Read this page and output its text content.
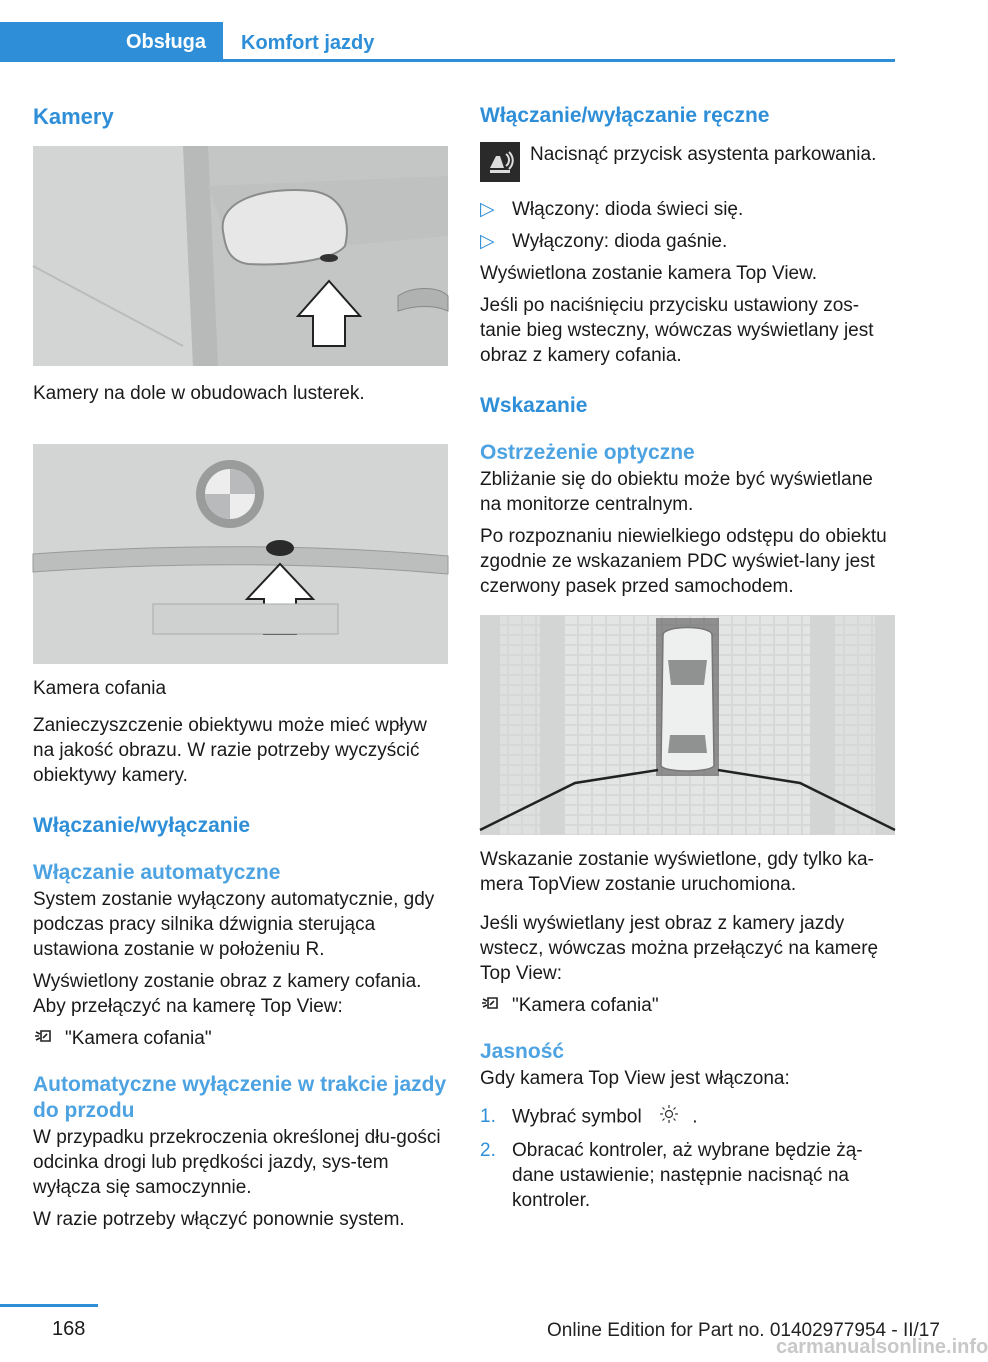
Obsługa	Komfort jazdy
Kamery

Kamery na dole w obudowach lusterek.

Kamera cofania

Zanieczyszczenie obiektywu może mieć wpływ na jakość obrazu. W razie potrzeby wyczyścić obiektywy kamery.

Włączanie/wyłączanie
Włączanie automatyczne

System zostanie wyłączony automatycznie, gdy podczas pracy silnika dźwignia sterująca ustawiona zostanie w położeniu R.

Wyświetlony zostanie obraz z kamery cofania. Aby przełączyć na kamerę Top View:

"Kamera cofania"
Automatyczne wyłączenie w trakcie jazdy do przodu

W przypadku przekroczenia określonej dłu-gości odcinka drogi lub prędkości jazdy, sys-tem wyłącza się samoczynnie.

W razie potrzeby włączyć ponownie system.

Włączanie/wyłączanie ręczne

Nacisnąć przycisk asystenta parkowania.

▷ Włączony: dioda świeci się.
▷ Wyłączony: dioda gaśnie.

Wyświetlona zostanie kamera Top View.

Jeśli po naciśnięciu przycisku ustawiony zos-tanie bieg wsteczny, wówczas wyświetlany jest obraz z kamery cofania.

Wskazanie
Ostrzeżenie optyczne

Zbliżanie się do obiektu może być wyświetlane na monitorze centralnym.

Po rozpoznaniu niewielkiego odstępu do obiektu zgodnie ze wskazaniem PDC wyświet-lany jest czerwony pasek przed samochodem.

Wskazanie zostanie wyświetlone, gdy tylko ka-mera TopView zostanie uruchomiona.

Jeśli wyświetlany jest obraz z kamery jazdy wstecz, wówczas można przełączyć na kamerę Top View:

"Kamera cofania"
Jasność

Gdy kamera Top View jest włączona:

1. Wybrać symbol	.
2. Obracać kontroler, aż wybrane będzie żą-dane ustawienie; następnie nacisnąć na kontroler.
168	Online Edition for Part no. 01402977954 - II/17
carmanualsonline.info
